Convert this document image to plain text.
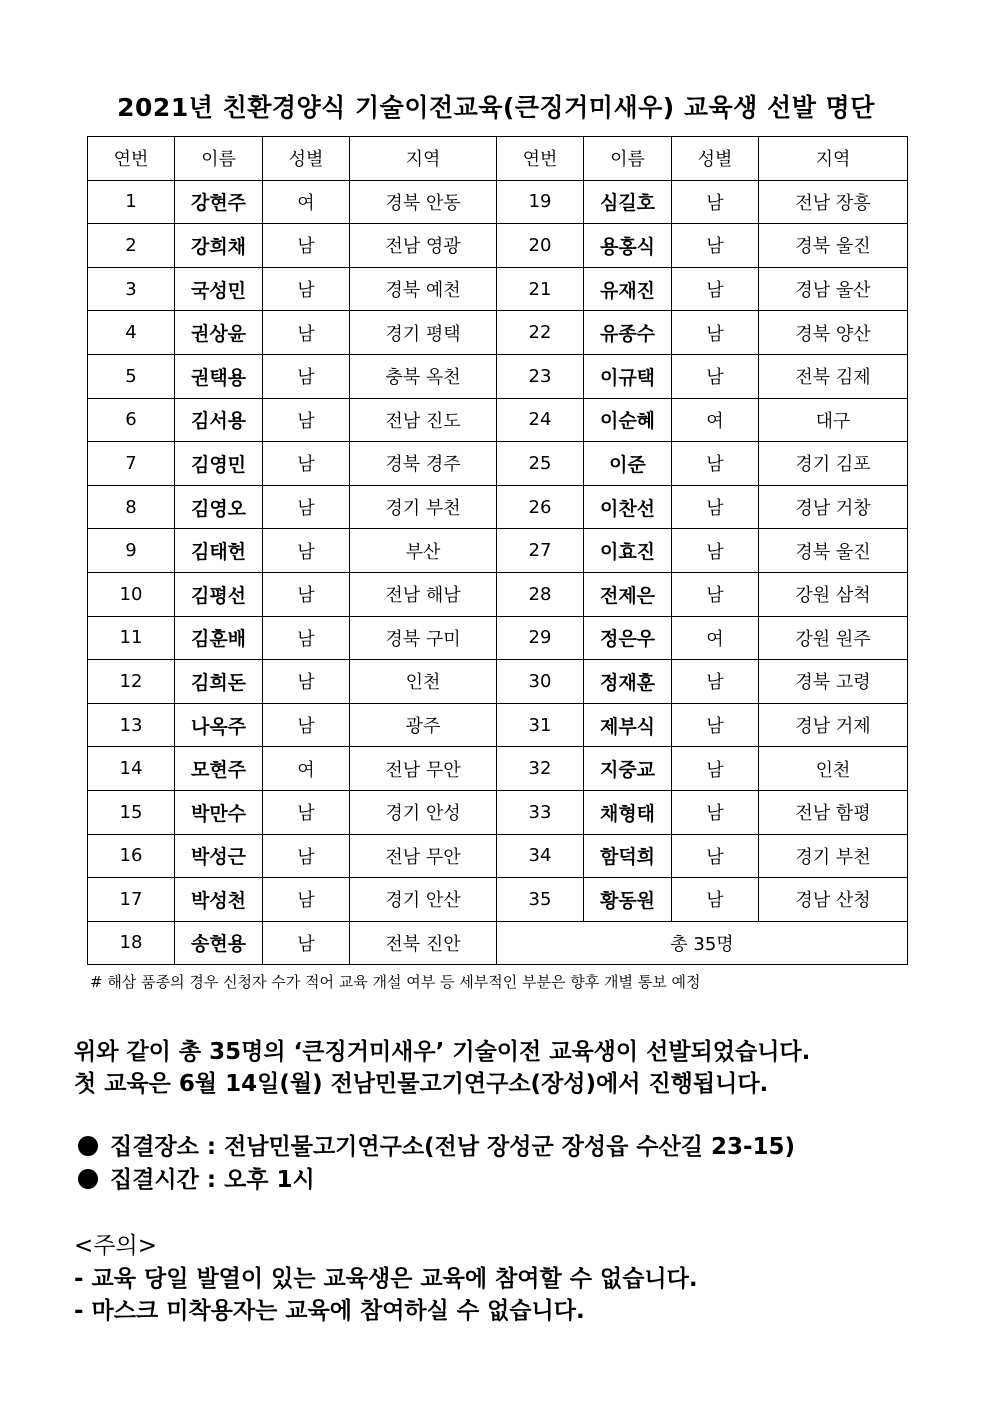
2021년 친환경양식 기술이전교육(큰징거미새우) 교육생 선발 명단
연번	이름	성별	지역	연번	이름	성별	지역
1	강현주	여	경북 안동	19	심길호	남	전남 장흥
2	강희채	남	전남 영광	20	용홍식	남	경북 울진
3	국성민	남	경북 예천	21	유재진	남	경남 울산
4	권상윤	남	경기 평택	22	유종수	남	경북 양산
5	권택용	남	충북 옥천	23	이규택	남	전북 김제
6	김서용	남	전남 진도	24	이순혜	여	대구
7	김영민	남	경북 경주	25	이준	남	경기 김포
8	김영오	남	경기 부천	26	이찬선	남	경남 거창
9	김태헌	남	부산	27	이효진	남	경북 울진
10	김평선	남	전남 해남	28	전제은	남	강원 삼척
11	김훈배	남	경북 구미	29	정은우	여	강원 원주
12	김희돈	남	인천	30	정재훈	남	경북 고령
13	나옥주	남	광주	31	제부식	남	경남 거제
14	모현주	여	전남 무안	32	지중교	남	인천
15	박만수	남	경기 안성	33	채형태	남	전남 함평
16	박성근	남	전남 무안	34	함덕희	남	경기 부천
17	박성천	남	경기 안산	35	황동원	남	경남 산청
18	송현용	남	전북 진안	총 35명			
# 해삼 품종의 경우 신청자 수가 적어 교육 개설 여부 등 세부적인 부분은 향후 개별 통보 예정
위와 같이 총 35명의 ‘큰징거미새우’ 기술이전 교육생이 선발되었습니다.
첫 교육은 6월 14일(월) 전남민물고기연구소(장성)에서 진행됩니다.
집결장소 : 전남민물고기연구소(전남 장성군 장성읍 수산길 23-15)
집결시간 : 오후 1시
<주의>
- 교육 당일 발열이 있는 교육생은 교육에 참여할 수 없습니다.
- 마스크 미착용자는 교육에 참여하실 수 없습니다.
